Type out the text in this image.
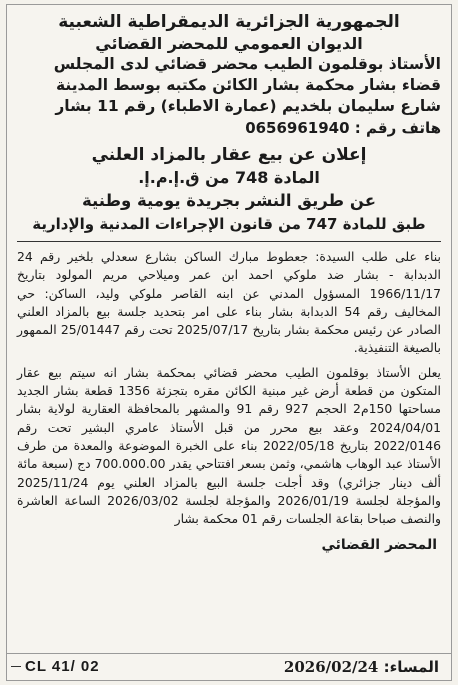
الجمهورية الجزائرية الديمقراطية الشعبية
الديوان العمومي للمحضر القضائي
الأستاذ بوقلمون الطيب محضر قضائي لدى المجلس
قضاء بشار محكمة بشار الكائن مكتبه بوسط المدينة
شارع سليمان بلخديم (عمارة الاطباء) رقم 11 بشار
هاتف رقم : 0656961940
إعلان عن بيع عقار بالمزاد العلني
المادة 748 من ق.إ.م.إ.
عن طريق النشر بجريدة يومية وطنية
طبق للمادة 747 من قانون الإجراءات المدنية والإدارية

بناء على طلب السيدة: جعطوط مبارك الساكن بشارع سعدلي بلخير رقم 24 الدبدابة - بشار ضد ملوكي احمد ابن عمر وميلاحي مريم المولود بتاريخ 1966/11/17 المسؤول المدني عن ابنه القاصر ملوكي وليد، الساكن: حي المخاليف رقم 54 الدبدابة بشار بناء على امر بتحديد جلسة بيع بالمزاد العلني الصادر عن رئيس محكمة بشار بتاريخ 2025/07/17 تحت رقم 25/01447 الممهور بالصيغة التنفيذية.

يعلن الأستاذ بوقلمون الطيب محضر قضائي بمحكمة بشار انه سيتم بيع عقار المتكون من قطعة أرض غير مبنية الكائن مقره بتجزئة 1356 قطعة بشار الجديد مساحتها 150م2 الحجم 927 رقم 91 والمشهر بالمحافظة العقارية لولاية بشار 2024/04/01 وعقد بيع محرر من قبل الأستاذ عامري البشير تحت رقم 2022/0146 بتاريخ 2022/05/18 بناء على الخبرة الموضوعة والمعدة من طرف الأستاذ عبد الوهاب هاشمي، وثمن بسعر افتتاحي يقدر 700.000.00 دج (سبعة مائة ألف دينار جزائري) وقد أجلت جلسة البيع بالمزاد العلني يوم 2025/11/24 والمؤجلة لجلسة 2026/01/19 والمؤجلة لجلسة 2026/03/02 الساعة العاشرة والنصف صباحا بقاعة الجلسات رقم 01 محكمة بشار

المحضر القضائي
CL 41/ 02	المساء: 2026/02/24
